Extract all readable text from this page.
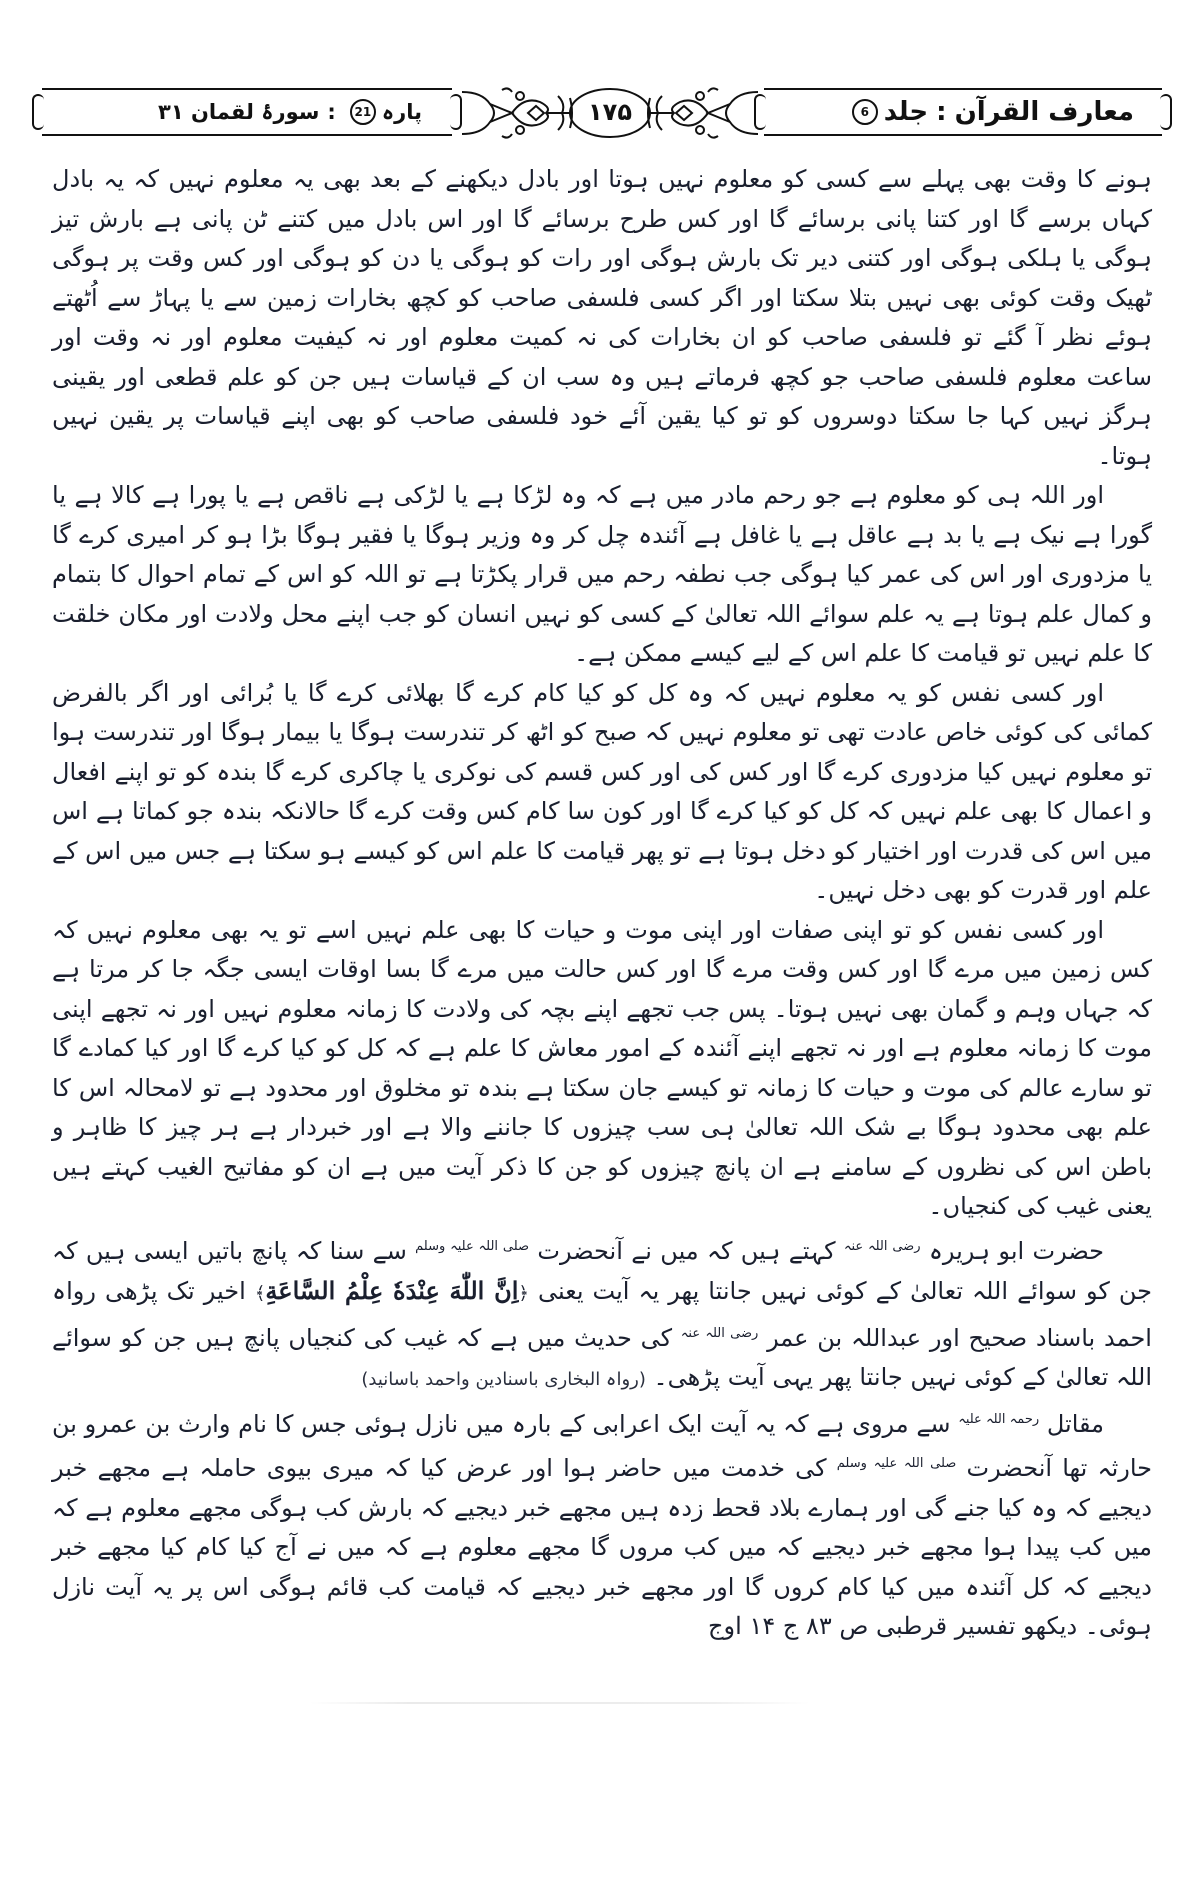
پارہ
21
:
سورۂ لقمان ۳۱	۱۷۵	معارف القرآن
:
جلد
6

ہونے کا وقت بھی پہلے سے کسی کو معلوم نہیں ہوتا اور بادل دیکھنے کے بعد بھی یہ معلوم نہیں کہ یہ بادل کہاں برسے گا اور کتنا پانی برسائے گا اور کس طرح برسائے گا اور اس بادل میں کتنے ٹن پانی ہے بارش تیز ہوگی یا ہلکی ہوگی اور کتنی دیر تک بارش ہوگی اور رات کو ہوگی یا دن کو ہوگی اور کس وقت پر ہوگی ٹھیک وقت کوئی بھی نہیں بتلا سکتا اور اگر کسی فلسفی صاحب کو کچھ بخارات زمین سے یا پہاڑ سے اُٹھتے ہوئے نظر آ گئے تو فلسفی صاحب کو ان بخارات کی نہ کمیت معلوم اور نہ کیفیت معلوم اور نہ وقت اور ساعت معلوم فلسفی صاحب جو کچھ فرماتے ہیں وہ سب ان کے قیاسات ہیں جن کو علم قطعی اور یقینی ہرگز نہیں کہا جا سکتا دوسروں کو تو کیا یقین آئے خود فلسفی صاحب کو بھی اپنے قیاسات پر یقین نہیں ہوتا۔

اور اللہ ہی کو معلوم ہے جو رحم مادر میں ہے کہ وہ لڑکا ہے یا لڑکی ہے ناقص ہے یا پورا ہے کالا ہے یا گورا ہے نیک ہے یا بد ہے عاقل ہے یا غافل ہے آئندہ چل کر وہ وزیر ہوگا یا فقیر ہوگا بڑا ہو کر امیری کرے گا یا مزدوری اور اس کی عمر کیا ہوگی جب نطفہ رحم میں قرار پکڑتا ہے تو اللہ کو اس کے تمام احوال کا بتمام و کمال علم ہوتا ہے یہ علم سوائے اللہ تعالیٰ کے کسی کو نہیں انسان کو جب اپنے محل ولادت اور مکان خلقت کا علم نہیں تو قیامت کا علم اس کے لیے کیسے ممکن ہے۔

اور کسی نفس کو یہ معلوم نہیں کہ وہ کل کو کیا کام کرے گا بھلائی کرے گا یا بُرائی اور اگر بالفرض کمائی کی کوئی خاص عادت تھی تو معلوم نہیں کہ صبح کو اٹھ کر تندرست ہوگا یا بیمار ہوگا اور تندرست ہوا تو معلوم نہیں کیا مزدوری کرے گا اور کس کی اور کس قسم کی نوکری یا چاکری کرے گا بندہ کو تو اپنے افعال و اعمال کا بھی علم نہیں کہ کل کو کیا کرے گا اور کون سا کام کس وقت کرے گا حالانکہ بندہ جو کماتا ہے اس میں اس کی قدرت اور اختیار کو دخل ہوتا ہے تو پھر قیامت کا علم اس کو کیسے ہو سکتا ہے جس میں اس کے علم اور قدرت کو بھی دخل نہیں۔

اور کسی نفس کو تو اپنی صفات اور اپنی موت و حیات کا بھی علم نہیں اسے تو یہ بھی معلوم نہیں کہ کس زمین میں مرے گا اور کس وقت مرے گا اور کس حالت میں مرے گا بسا اوقات ایسی جگہ جا کر مرتا ہے کہ جہاں وہم و گمان بھی نہیں ہوتا۔ پس جب تجھے اپنے بچہ کی ولادت کا زمانہ معلوم نہیں اور نہ تجھے اپنی موت کا زمانہ معلوم ہے اور نہ تجھے اپنے آئندہ کے امور معاش کا علم ہے کہ کل کو کیا کرے گا اور کیا کمادے گا تو سارے عالم کی موت و حیات کا زمانہ تو کیسے جان سکتا ہے بندہ تو مخلوق اور محدود ہے تو لامحالہ اس کا علم بھی محدود ہوگا بے شک اللہ تعالیٰ ہی سب چیزوں کا جاننے والا ہے اور خبردار ہے ہر چیز کا ظاہر و باطن اس کی نظروں کے سامنے ہے ان پانچ چیزوں کو جن کا ذکر آیت میں ہے ان کو مفاتیح الغیب کہتے ہیں یعنی غیب کی کنجیاں۔

حضرت ابو ہریرہ $^{رضی اللہ عنہ}$ کہتے ہیں کہ میں نے آنحضرت $^{صلی اللہ علیہ وسلم}$ سے سنا کہ پانچ باتیں ایسی ہیں کہ جن کو سوائے اللہ تعالیٰ کے کوئی نہیں جانتا پھر یہ آیت یعنی ﴿اِنَّ اللّٰهَ عِنْدَهٗ عِلْمُ السَّاعَةِ﴾ اخیر تک پڑھی رواہ احمد باسناد صحیح اور عبداللہ بن عمر $^{رضی اللہ عنہ}$ کی حدیث میں ہے کہ غیب کی کنجیاں پانچ ہیں جن کو سوائے اللہ تعالیٰ کے کوئی نہیں جانتا پھر یہی آیت پڑھی۔ (رواہ البخاری باسنادین واحمد باسانید)

مقاتل $^{رحمہ اللہ علیہ}$ سے مروی ہے کہ یہ آیت ایک اعرابی کے بارہ میں نازل ہوئی جس کا نام وارث بن عمرو بن حارثہ تھا آنحضرت $^{صلی اللہ علیہ وسلم}$ کی خدمت میں حاضر ہوا اور عرض کیا کہ میری بیوی حاملہ ہے مجھے خبر دیجیے کہ وہ کیا جنے گی اور ہمارے بلاد قحط زدہ ہیں مجھے خبر دیجیے کہ بارش کب ہوگی مجھے معلوم ہے کہ میں کب پیدا ہوا مجھے خبر دیجیے کہ میں کب مروں گا مجھے معلوم ہے کہ میں نے آج کیا کام کیا مجھے خبر دیجیے کہ کل آئندہ میں کیا کام کروں گا اور مجھے خبر دیجیے کہ قیامت کب قائم ہوگی اس پر یہ آیت نازل ہوئی۔ دیکھو تفسیر قرطبی ص ۸۳ ج ۱۴ اوج
